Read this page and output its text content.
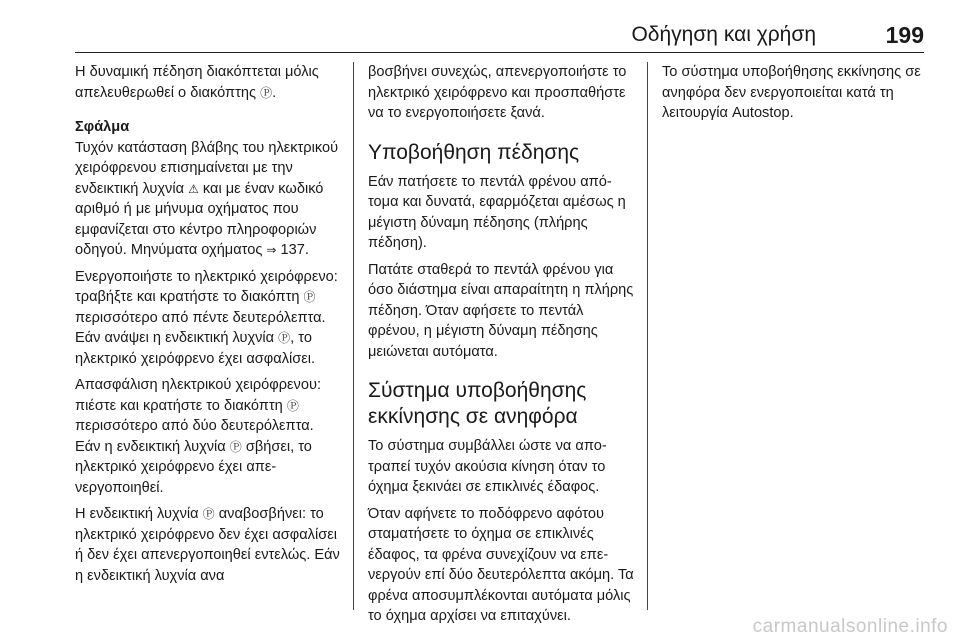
Οδήγηση και χρήση	199

Η δυναμική πέδηση διακόπτεται μόλις απελευθερωθεί ο διακόπτης Ⓟ.

Σφάλμα

Τυχόν κατάσταση βλάβης του ηλεκτρικού χειρόφρενου επισημαίνεται με την ενδεικτική λυχνία ⚠ και με έναν κωδικό αριθμό ή με μήνυμα οχήματος που εμφανίζεται στο κέντρο πληροφοριών οδηγού. Μηνύματα οχήματος ⇒ 137.

Ενεργοποιήστε το ηλεκτρικό χειρόφρενο: τραβήξτε και κρατήστε το διακόπτη Ⓟ περισσότερο από πέντε δευτερόλεπτα. Εάν ανάψει η ενδεικτική λυχνία Ⓟ, το ηλεκτρικό χειρόφρενο έχει ασφαλίσει.

Απασφάλιση ηλεκτρικού χειρόφρενου: πιέστε και κρατήστε το διακόπτη Ⓟ περισσότερο από δύο δευτερόλεπτα. Εάν η ενδεικτική λυχνία Ⓟ σβήσει, το ηλεκτρικό χειρόφρενο έχει απενεργοποιηθεί.

Η ενδεικτική λυχνία Ⓟ αναβοσβήνει: το ηλεκτρικό χειρόφρενο δεν έχει ασφαλίσει ή δεν έχει απενεργοποιηθεί εντελώς. Εάν η ενδεικτική λυχνία ανα

βοσβήνει συνεχώς, απενεργοποιήστε το ηλεκτρικό χειρόφρενο και προσπαθήστε να το ενεργοποιήσετε ξανά.

Υποβοήθηση πέδησης

Εάν πατήσετε το πεντάλ φρένου απότομα και δυνατά, εφαρμόζεται αμέσως η μέγιστη δύναμη πέδησης (πλήρης πέδηση).

Πατάτε σταθερά το πεντάλ φρένου για όσο διάστημα είναι απαραίτητη η πλήρης πέδηση. Όταν αφήσετε το πεντάλ φρένου, η μέγιστη δύναμη πέδησης μειώνεται αυτόματα.

Σύστημα υποβοήθησης εκκίνησης σε ανηφόρα

Το σύστημα συμβάλλει ώστε να αποτραπεί τυχόν ακούσια κίνηση όταν το όχημα ξεκινάει σε επικλινές έδαφος.

Όταν αφήνετε το ποδόφρενο αφότου σταματήσετε το όχημα σε επικλινές έδαφος, τα φρένα συνεχίζουν να επενεργούν επί δύο δευτερόλεπτα ακόμη. Τα φρένα αποσυμπλέκονται αυτόματα μόλις το όχημα αρχίσει να επιταχύνει.

Το σύστημα υποβοήθησης εκκίνησης σε ανηφόρα δεν ενεργοποιείται κατά τη λειτουργία Autostop.

carmanualsonline.info
